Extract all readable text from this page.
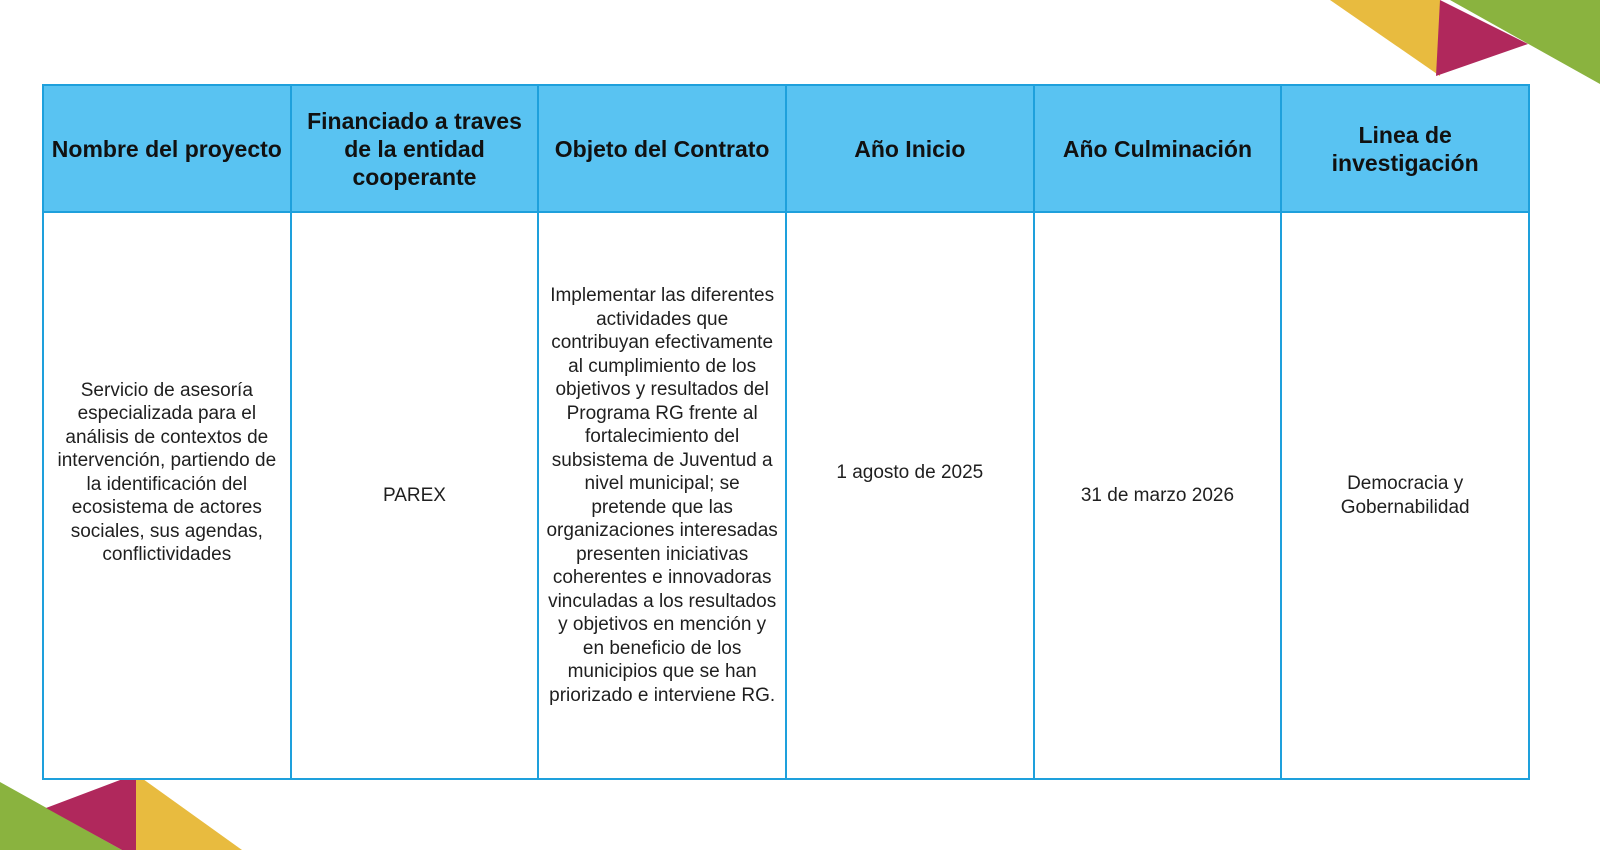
Nombre del proyecto	Financiado a traves de la entidad cooperante	Objeto del Contrato	Año Inicio	Año Culminación	Linea de investigación

Servicio de asesoría especializada para el análisis de contextos de intervención, partiendo de la identificación del ecosistema de actores sociales, sus agendas, conflictividades	PAREX	Implementar las diferentes actividades que contribuyan efectivamente al cumplimiento de los objetivos y resultados del Programa RG frente al fortalecimiento del subsistema de Juventud a nivel municipal; se pretende que las organizaciones interesadas presenten iniciativas coherentes e innovadoras vinculadas a los resultados y objetivos en mención y en beneficio de los municipios que se han priorizado e interviene RG.	1 agosto de 2025	31 de marzo 2026	Democracia y Gobernabilidad
